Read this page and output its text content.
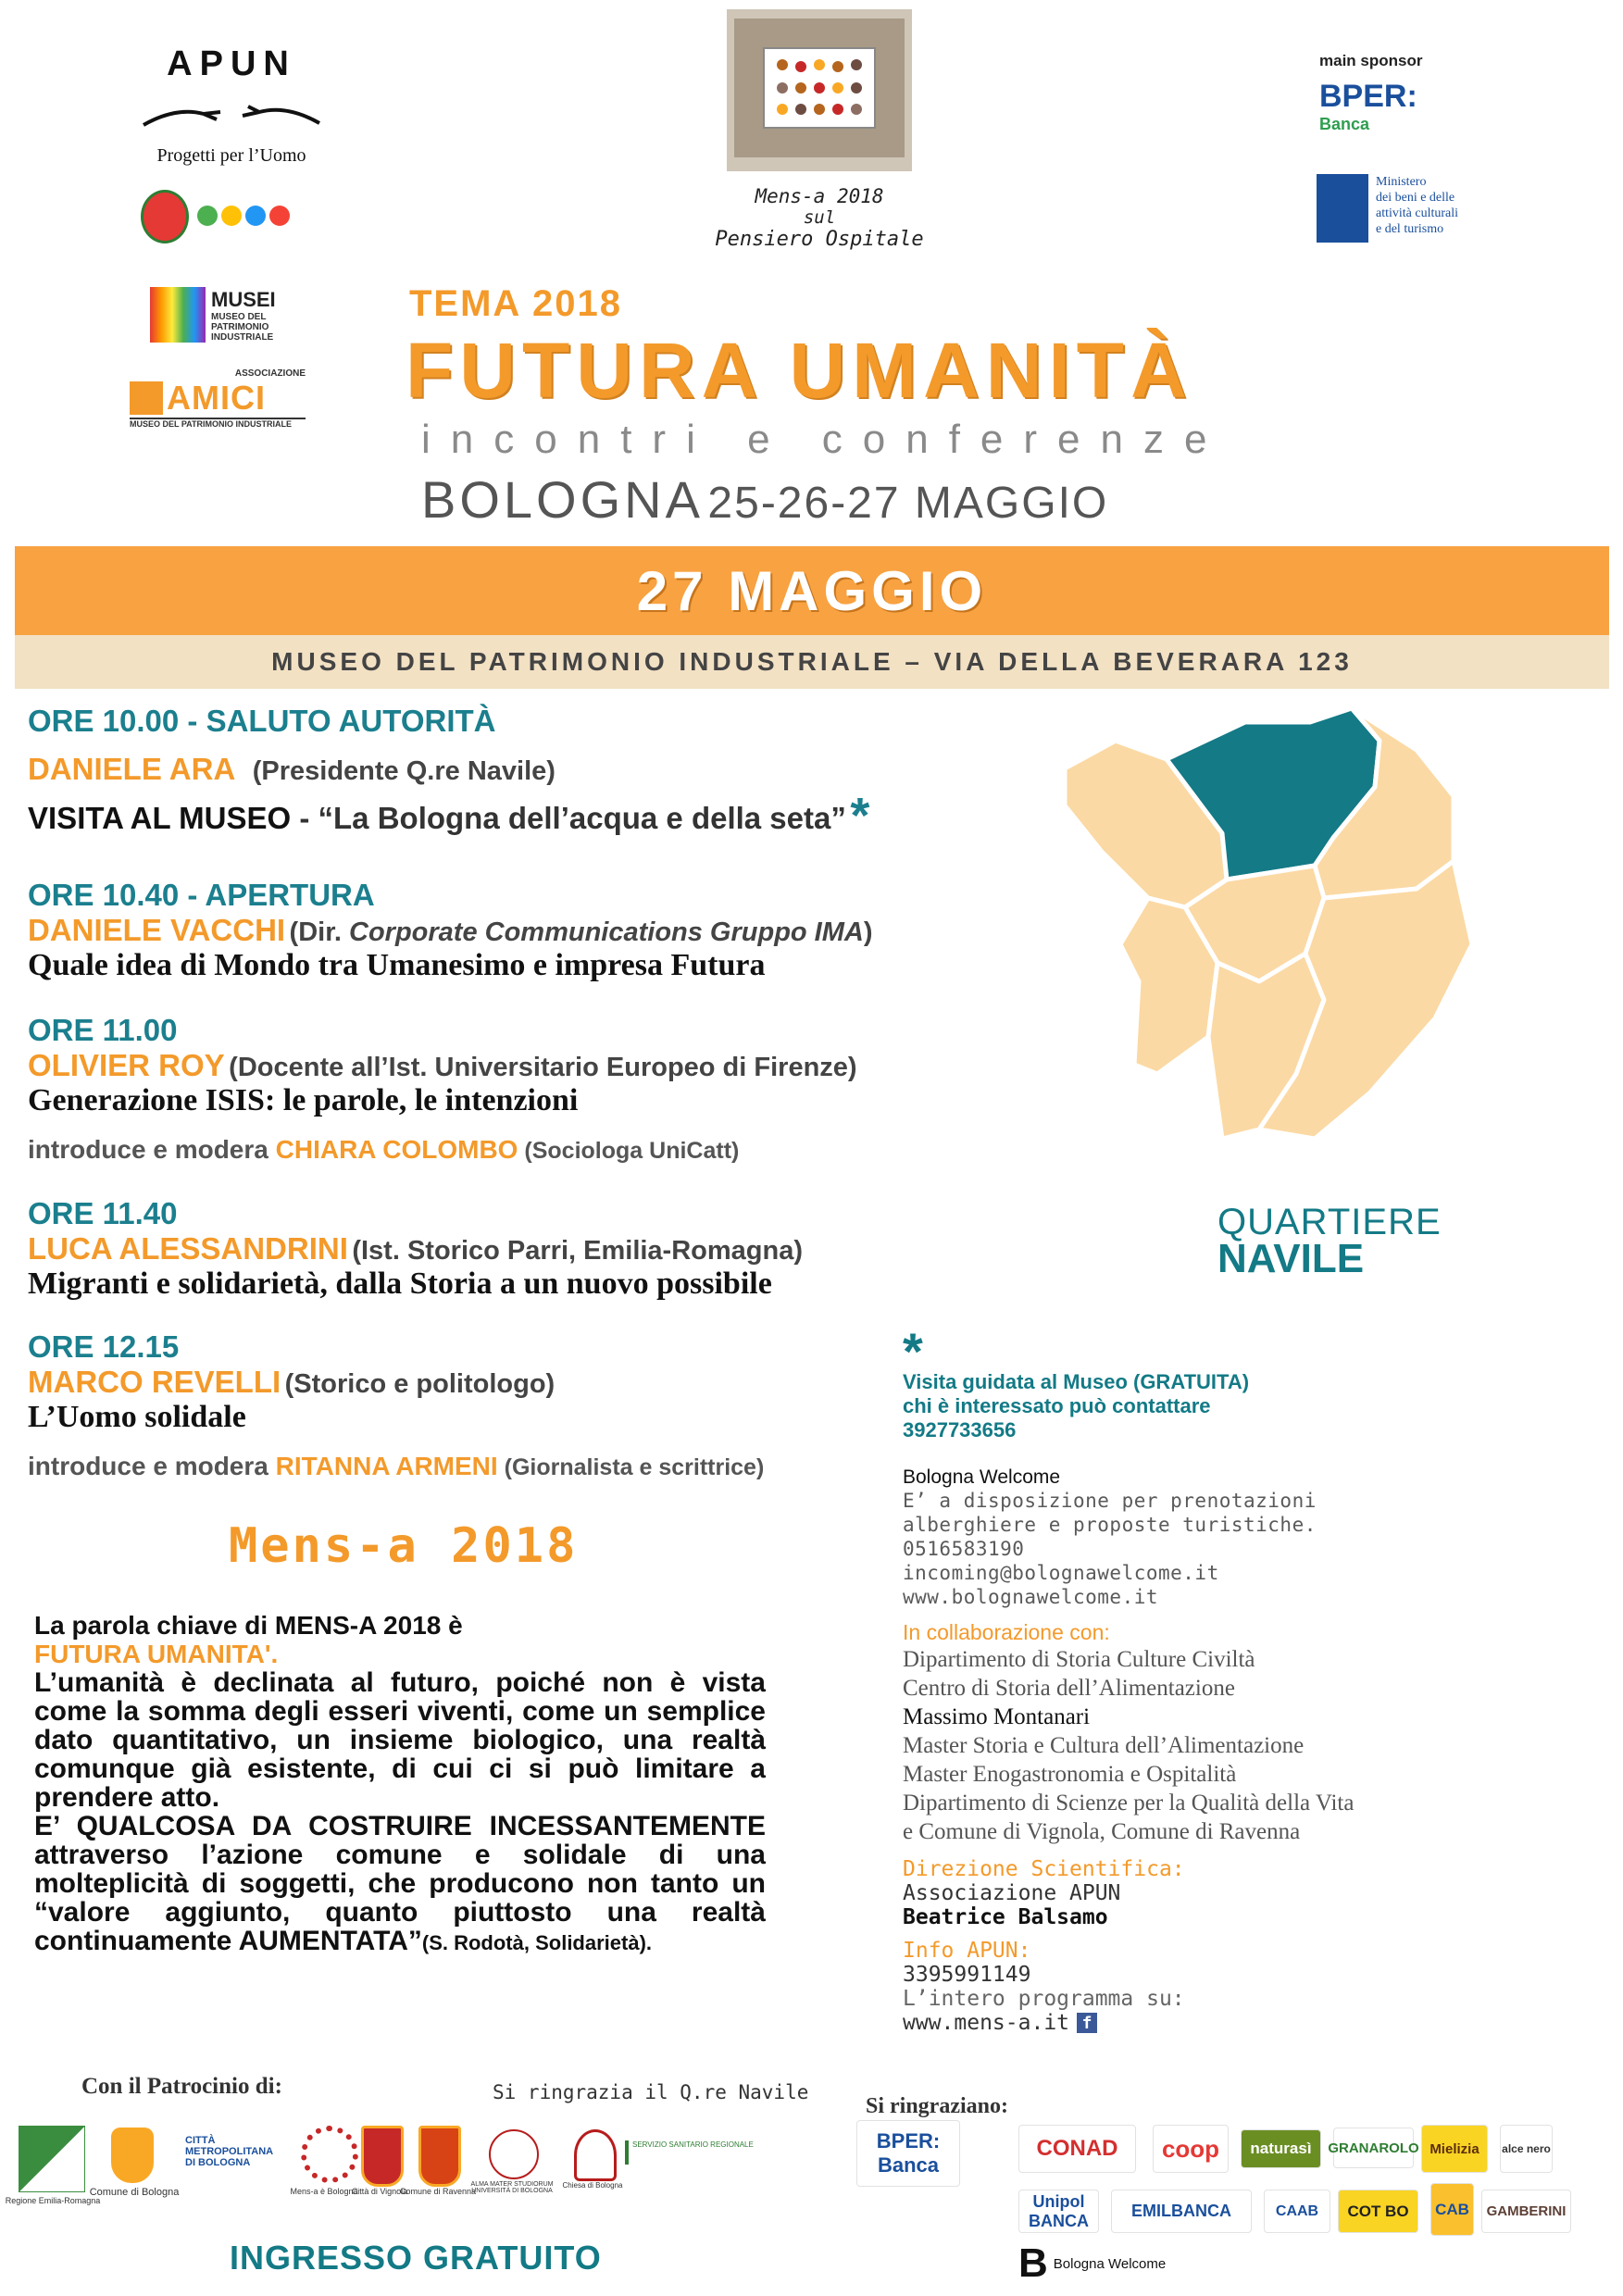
APUN
Progetti per l’Uomo
MUSEI
MUSEO DEL PATRIMONIO INDUSTRIALE
ASSOCIAZIONE
AMICI
MUSEO DEL PATRIMONIO INDUSTRIALE
Mens-a 2018
sul
Pensiero Ospitale
main sponsor
BPER:
Banca
Ministero
dei beni e delle
attività culturali
e del turismo
TEMA 2018
FUTURA UMANITÀ
incontri e conferenze
BOLOGNA 25-26-27 MAGGIO
27 MAGGIO
MUSEO DEL PATRIMONIO INDUSTRIALE – VIA DELLA BEVERARA 123
ORE 10.00 - SALUTO AUTORITÀ
DANIELE ARA (Presidente Q.re Navile)
VISITA AL MUSEO - “La Bologna dell’acqua e della seta” *
ORE 10.40 - APERTURA
DANIELE VACCHI (Dir. Corporate Communications Gruppo IMA)
Quale idea di Mondo tra Umanesimo e impresa Futura
ORE 11.00
OLIVIER ROY (Docente all’Ist. Universitario Europeo di Firenze)
Generazione ISIS: le parole, le intenzioni
introduce e modera CHIARA COLOMBO (Sociologa UniCatt)
ORE 11.40
LUCA ALESSANDRINI (Ist. Storico Parri, Emilia-Romagna)
Migranti e solidarietà, dalla Storia a un nuovo possibile
ORE 12.15
MARCO REVELLI (Storico e politologo)
L’Uomo solidale
introduce e modera RITANNA ARMENI (Giornalista e scrittrice)
QUARTIERE
NAVILE
Mens-a 2018
La parola chiave di MENS-A 2018 è
FUTURA UMANITA'.
L’umanità è declinata al futuro, poiché non è vista come la somma degli esseri viventi, come un semplice dato quantitativo, un insieme biologico, una realtà comunque già esistente, di cui ci si può limitare a prendere atto.
E’ QUALCOSA DA COSTRUIRE INCESSANTEMENTE attraverso l’azione comune e solidale di una molteplicità di soggetti, che producono non tanto un “valore aggiunto, quanto piuttosto una realtà continuamente AUMENTATA”(S. Rodotà, Solidarietà).
*
Visita guidata al Museo (GRATUITA)
chi è interessato può contattare
3927733656
Bologna Welcome
E’ a disposizione per prenotazioni
alberghiere e proposte turistiche.
0516583190
incoming@bolognawelcome.it
www.bolognawelcome.it
In collaborazione con:
Dipartimento di Storia Culture Civiltà
Centro di Storia dell’Alimentazione
Massimo Montanari
Master Storia e Cultura dell’Alimentazione
Master Enogastronomia e Ospitalità
Dipartimento di Scienze per la Qualità della Vita
e Comune di Vignola, Comune di Ravenna
Direzione Scientifica:
Associazione APUN
Beatrice Balsamo
Info APUN:
3395991149
L’intero programma su:
www.mens-a.it f
Con il Patrocinio di:	Si ringrazia il Q.re Navile
Si ringraziano:
Regione Emilia-Romagna
Comune di Bologna
CITTÀ METROPOLITANA DI BOLOGNA
Mens-a è Bologna
Città di Vignola
Comune di Ravenna
ALMA MATER STUDIORUM UNIVERSITÀ DI BOLOGNA
Chiesa di Bologna
SERVIZIO SANITARIO REGIONALE	BPER: Banca
CONAD	coop	naturasì	GRANAROLO Mielizia	alce nero
Unipol BANCA
EMILBANCA	CAAB	COT BO	CAB	GAMBERINI
B Bologna Welcome
INGRESSO GRATUITO
